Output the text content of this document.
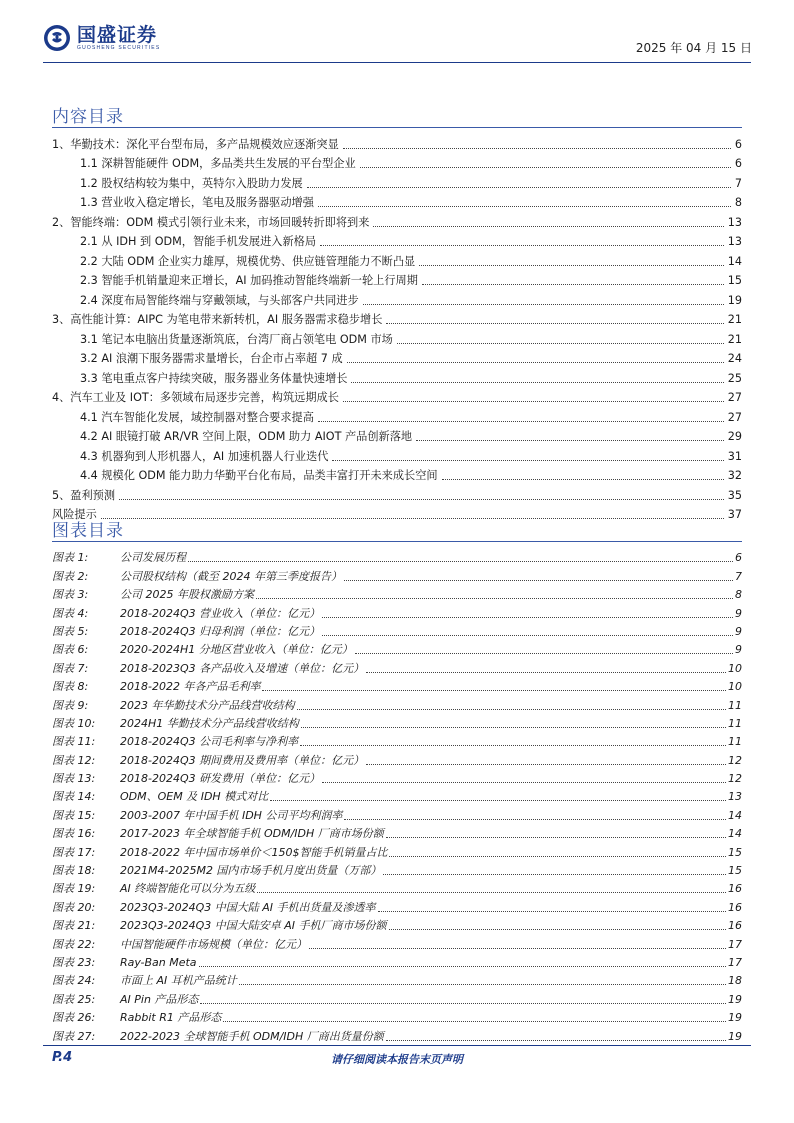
国盛证券
GUOSHENG SECURITIES	2025 年 04 月 15 日
内容目录
1、华勤技术：深化平台型布局，多产品规模效应逐渐突显	6
1.1 深耕智能硬件 ODM，多品类共生发展的平台型企业	6
1.2 股权结构较为集中，英特尔入股助力发展	7
1.3 营业收入稳定增长，笔电及服务器驱动增强	8
2、智能终端：ODM 模式引领行业未来，市场回暖转折即将到来	13
2.1 从 IDH 到 ODM，智能手机发展进入新格局	13
2.2 大陆 ODM 企业实力雄厚，规模优势、供应链管理能力不断凸显	14
2.3 智能手机销量迎来正增长，AI 加码推动智能终端新一轮上行周期	15
2.4 深度布局智能终端与穿戴领域，与头部客户共同进步	19
3、高性能计算：AIPC 为笔电带来新转机，AI 服务器需求稳步增长	21
3.1 笔记本电脑出货量逐渐筑底，台湾厂商占领笔电 ODM 市场	21
3.2 AI 浪潮下服务器需求量增长，台企市占率超 7 成	24
3.3 笔电重点客户持续突破，服务器业务体量快速增长	25
4、汽车工业及 IOT：多领域布局逐步完善，构筑远期成长	27
4.1 汽车智能化发展，域控制器对整合要求提高	27
4.2 AI 眼镜打破 AR/VR 空间上限，ODM 助力 AIOT 产品创新落地	29
4.3 机器狗到人形机器人，AI 加速机器人行业迭代	31
4.4 规模化 ODM 能力助力华勤平台化布局，品类丰富打开未来成长空间	32
5、盈利预测	35
风险提示	37
图表目录
图表 1:	公司发展历程	6
图表 2:	公司股权结构（截至 2024 年第三季度报告）	7
图表 3:	公司 2025 年股权激励方案	8
图表 4:	2018-2024Q3 营业收入（单位：亿元）	9
图表 5:	2018-2024Q3 归母利润（单位：亿元）	9
图表 6:	2020-2024H1 分地区营业收入（单位：亿元）	9
图表 7:	2018-2023Q3 各产品收入及增速（单位：亿元）	10
图表 8:	2018-2022 年各产品毛利率	10
图表 9:	2023 年华勤技术分产品线营收结构	11
图表 10:	2024H1 华勤技术分产品线营收结构	11
图表 11:	2018-2024Q3 公司毛利率与净利率	11
图表 12:	2018-2024Q3 期间费用及费用率（单位：亿元）	12
图表 13:	2018-2024Q3 研发费用（单位：亿元）	12
图表 14:	ODM、OEM 及 IDH 模式对比	13
图表 15:	2003-2007 年中国手机 IDH 公司平均利润率	14
图表 16:	2017-2023 年全球智能手机 ODM/IDH 厂商市场份额	14
图表 17:	2018-2022 年中国市场单价＜150$智能手机销量占比	15
图表 18:	2021M4-2025M2 国内市场手机月度出货量（万部）	15
图表 19:	AI 终端智能化可以分为五级	16
图表 20:	2023Q3-2024Q3 中国大陆 AI 手机出货量及渗透率	16
图表 21:	2023Q3-2024Q3 中国大陆安卓 AI 手机厂商市场份额	16
图表 22:	中国智能硬件市场规模（单位：亿元）	17
图表 23:	Ray-Ban Meta	17
图表 24:	市面上 AI 耳机产品统计	18
图表 25:	AI Pin 产品形态	19
图表 26:	Rabbit R1 产品形态	19
图表 27:	2022-2023 全球智能手机 ODM/IDH 厂商出货量份额	19
P.4	请仔细阅读本报告末页声明
